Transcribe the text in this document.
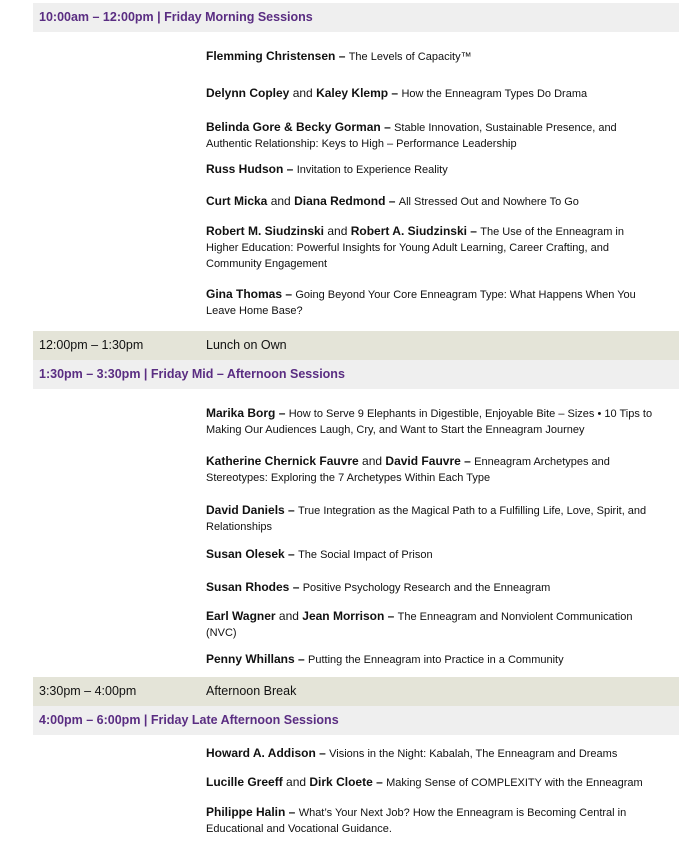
10:00am – 12:00pm | Friday Morning Sessions
Flemming Christensen – The Levels of Capacity™
Delynn Copley and Kaley Klemp – How the Enneagram Types Do Drama
Belinda Gore & Becky Gorman – Stable Innovation, Sustainable Presence, and Authentic Relationship: Keys to High – Performance Leadership
Russ Hudson – Invitation to Experience Reality
Curt Micka and Diana Redmond – All Stressed Out and Nowhere To Go
Robert M. Siudzinski and Robert A. Siudzinski – The Use of the Enneagram in Higher Education: Powerful Insights for Young Adult Learning, Career Crafting, and Community Engagement
Gina Thomas – Going Beyond Your Core Enneagram Type: What Happens When You Leave Home Base?
12:00pm – 1:30pm	Lunch on Own
1:30pm – 3:30pm | Friday Mid – Afternoon Sessions
Marika Borg – How to Serve 9 Elephants in Digestible, Enjoyable Bite – Sizes • 10 Tips to Making Our Audiences Laugh, Cry, and Want to Start the Enneagram Journey
Katherine Chernick Fauvre and David Fauvre – Enneagram Archetypes and Stereotypes: Exploring the 7 Archetypes Within Each Type
David Daniels – True Integration as the Magical Path to a Fulfilling Life, Love, Spirit, and Relationships
Susan Olesek – The Social Impact of Prison
Susan Rhodes – Positive Psychology Research and the Enneagram
Earl Wagner and Jean Morrison – The Enneagram and Nonviolent Communication (NVC)
Penny Whillans – Putting the Enneagram into Practice in a Community
3:30pm – 4:00pm	Afternoon Break
4:00pm – 6:00pm | Friday Late Afternoon Sessions
Howard A. Addison – Visions in the Night: Kabalah, The Enneagram and Dreams
Lucille Greeff and Dirk Cloete – Making Sense of COMPLEXITY with the Enneagram
Philippe Halin – What’s Your Next Job? How the Enneagram is Becoming Central in Educational and Vocational Guidance.
